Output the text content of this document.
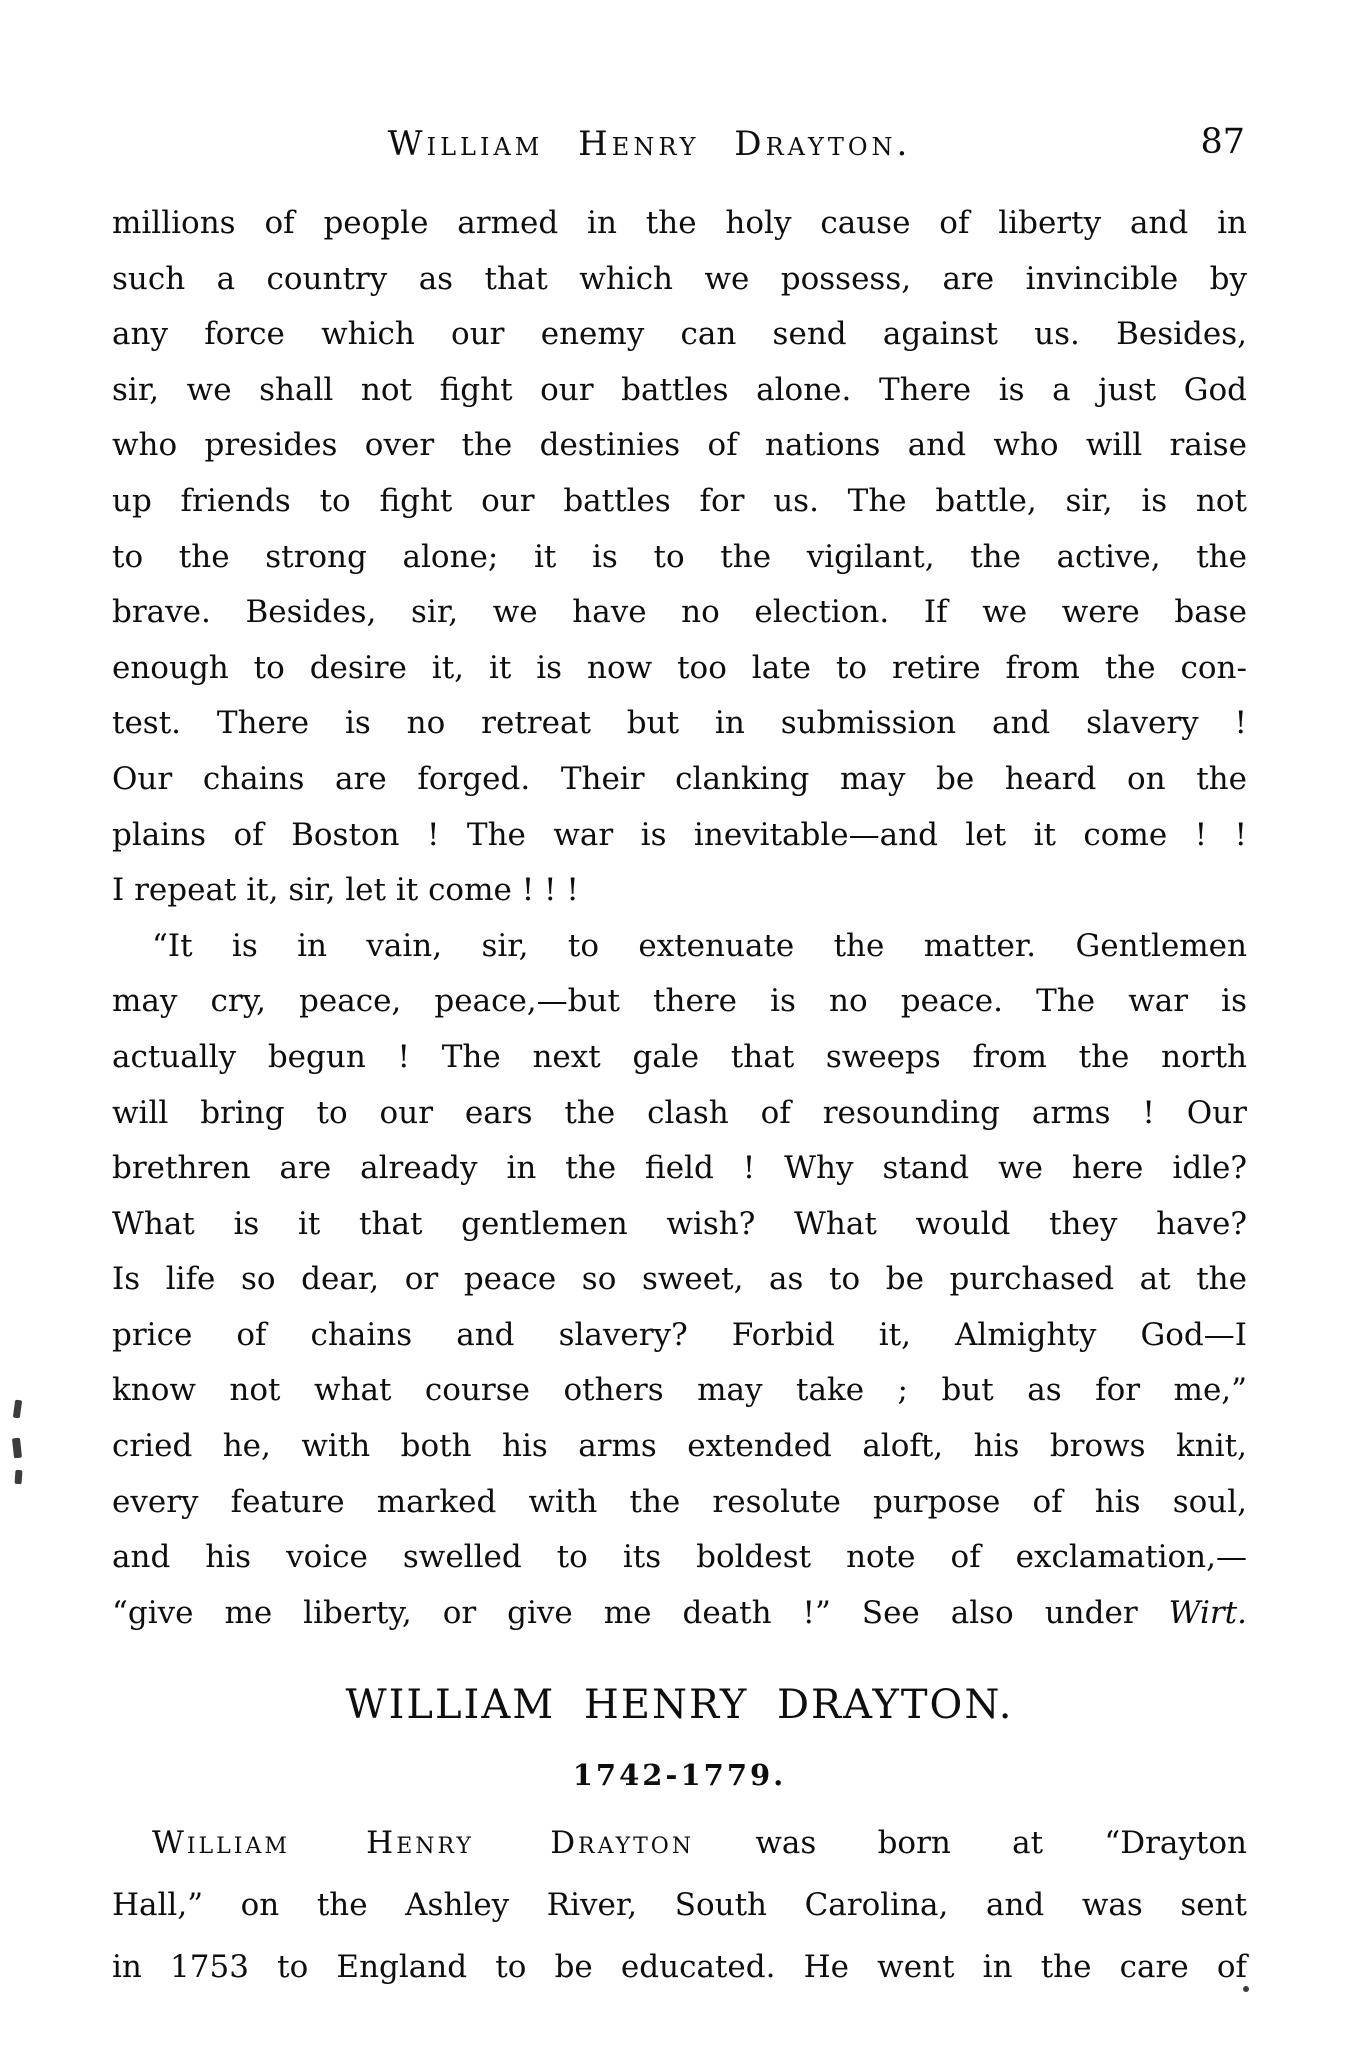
William Henry Drayton.	87
millions of people armed in the holy cause of liberty and in
such a country as that which we possess, are invincible by
any force which our enemy can send against us. Besides,
sir, we shall not fight our battles alone. There is a just God
who presides over the destinies of nations and who will raise
up friends to fight our battles for us. The battle, sir, is not
to the strong alone; it is to the vigilant, the active, the
brave. Besides, sir, we have no election. If we were base
enough to desire it, it is now too late to retire from the con-
test. There is no retreat but in submission and slavery !
Our chains are forged. Their clanking may be heard on the
plains of Boston ! The war is inevitable—and let it come ! !
I repeat it, sir, let it come ! ! !
“It is in vain, sir, to extenuate the matter. Gentlemen
may cry, peace, peace,—but there is no peace. The war is
actually begun ! The next gale that sweeps from the north
will bring to our ears the clash of resounding arms ! Our
brethren are already in the field ! Why stand we here idle?
What is it that gentlemen wish? What would they have?
Is life so dear, or peace so sweet, as to be purchased at the
price of chains and slavery? Forbid it, Almighty God—I
know not what course others may take ; but as for me,”
cried he, with both his arms extended aloft, his brows knit,
every feature marked with the resolute purpose of his soul,
and his voice swelled to its boldest note of exclamation,—
“give me liberty, or give me death !” See also under Wirt.
WILLIAM HENRY DRAYTON.
1742-1779.
William Henry Drayton was born at “Drayton
Hall,” on the Ashley River, South Carolina, and was sent
in 1753 to England to be educated. He went in the care of
